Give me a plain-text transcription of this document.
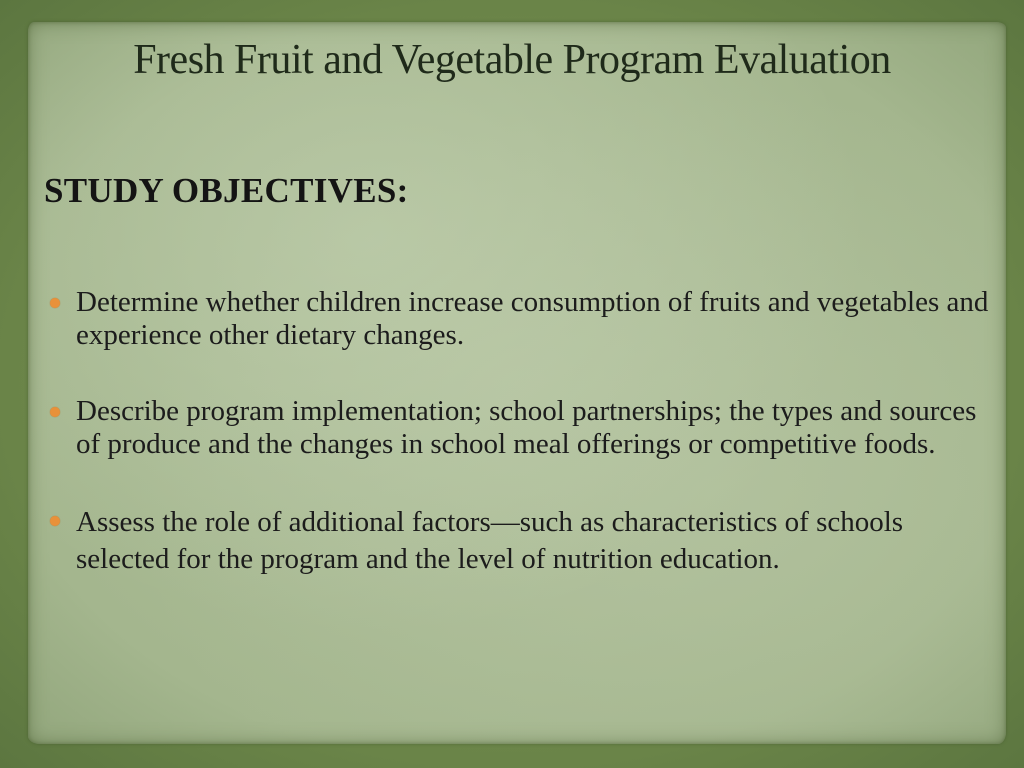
Fresh Fruit and Vegetable Program Evaluation
STUDY OBJECTIVES:
Determine whether children increase consumption of fruits and vegetables and experience other dietary changes.
Describe program implementation; school partnerships; the types and sources of produce and the changes in school meal offerings or competitive foods.
Assess the role of additional factors—such as characteristics of schools selected for the program and the level of nutrition education.
